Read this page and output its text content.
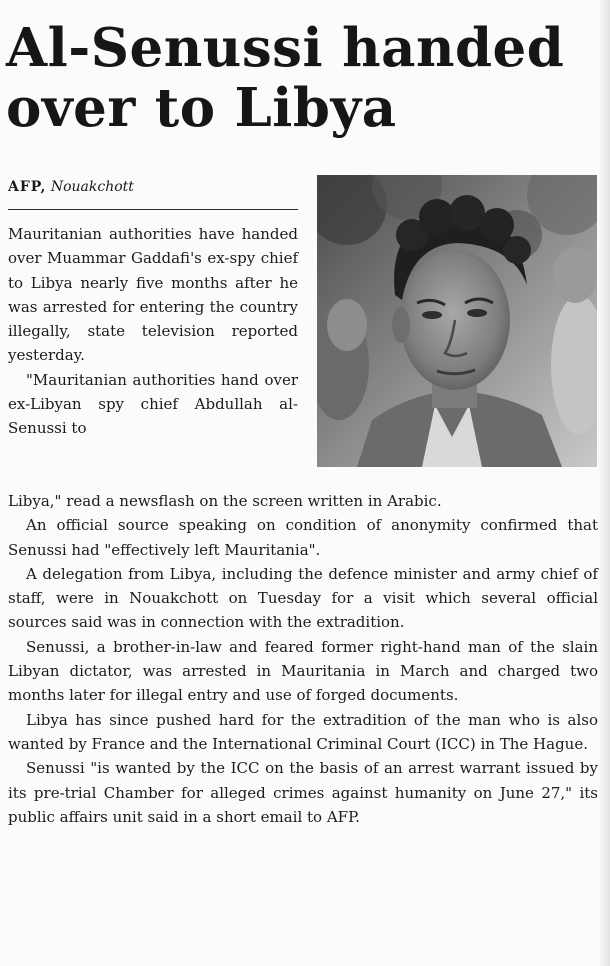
Al-Senussi handed
over to Libya
AFP, Nouakchott

Mauritanian authorities have handed over Muammar Gaddafi's ex-spy chief to Libya nearly five months after he was arrested for entering the country illegally, state television reported yesterday.

"Mauritanian authorities hand over ex-Libyan spy chief Abdullah al-Senussi to

Libya," read a newsflash on the screen written in Arabic.

An official source speaking on condition of anonymity confirmed that Senussi had "effectively left Mauritania".

A delegation from Libya, including the defence minister and army chief of staff, were in Nouakchott on Tuesday for a visit which several official sources said was in connection with the extradition.

Senussi, a brother-in-law and feared former right-hand man of the slain Libyan dictator, was arrested in Mauritania in March and charged two months later for illegal entry and use of forged documents.

Libya has since pushed hard for the extradition of the man who is also wanted by France and the International Criminal Court (ICC) in The Hague.

Senussi "is wanted by the ICC on the basis of an arrest warrant issued by its pre-trial Chamber for alleged crimes against humanity on June 27," its public affairs unit said in a short email to AFP.
